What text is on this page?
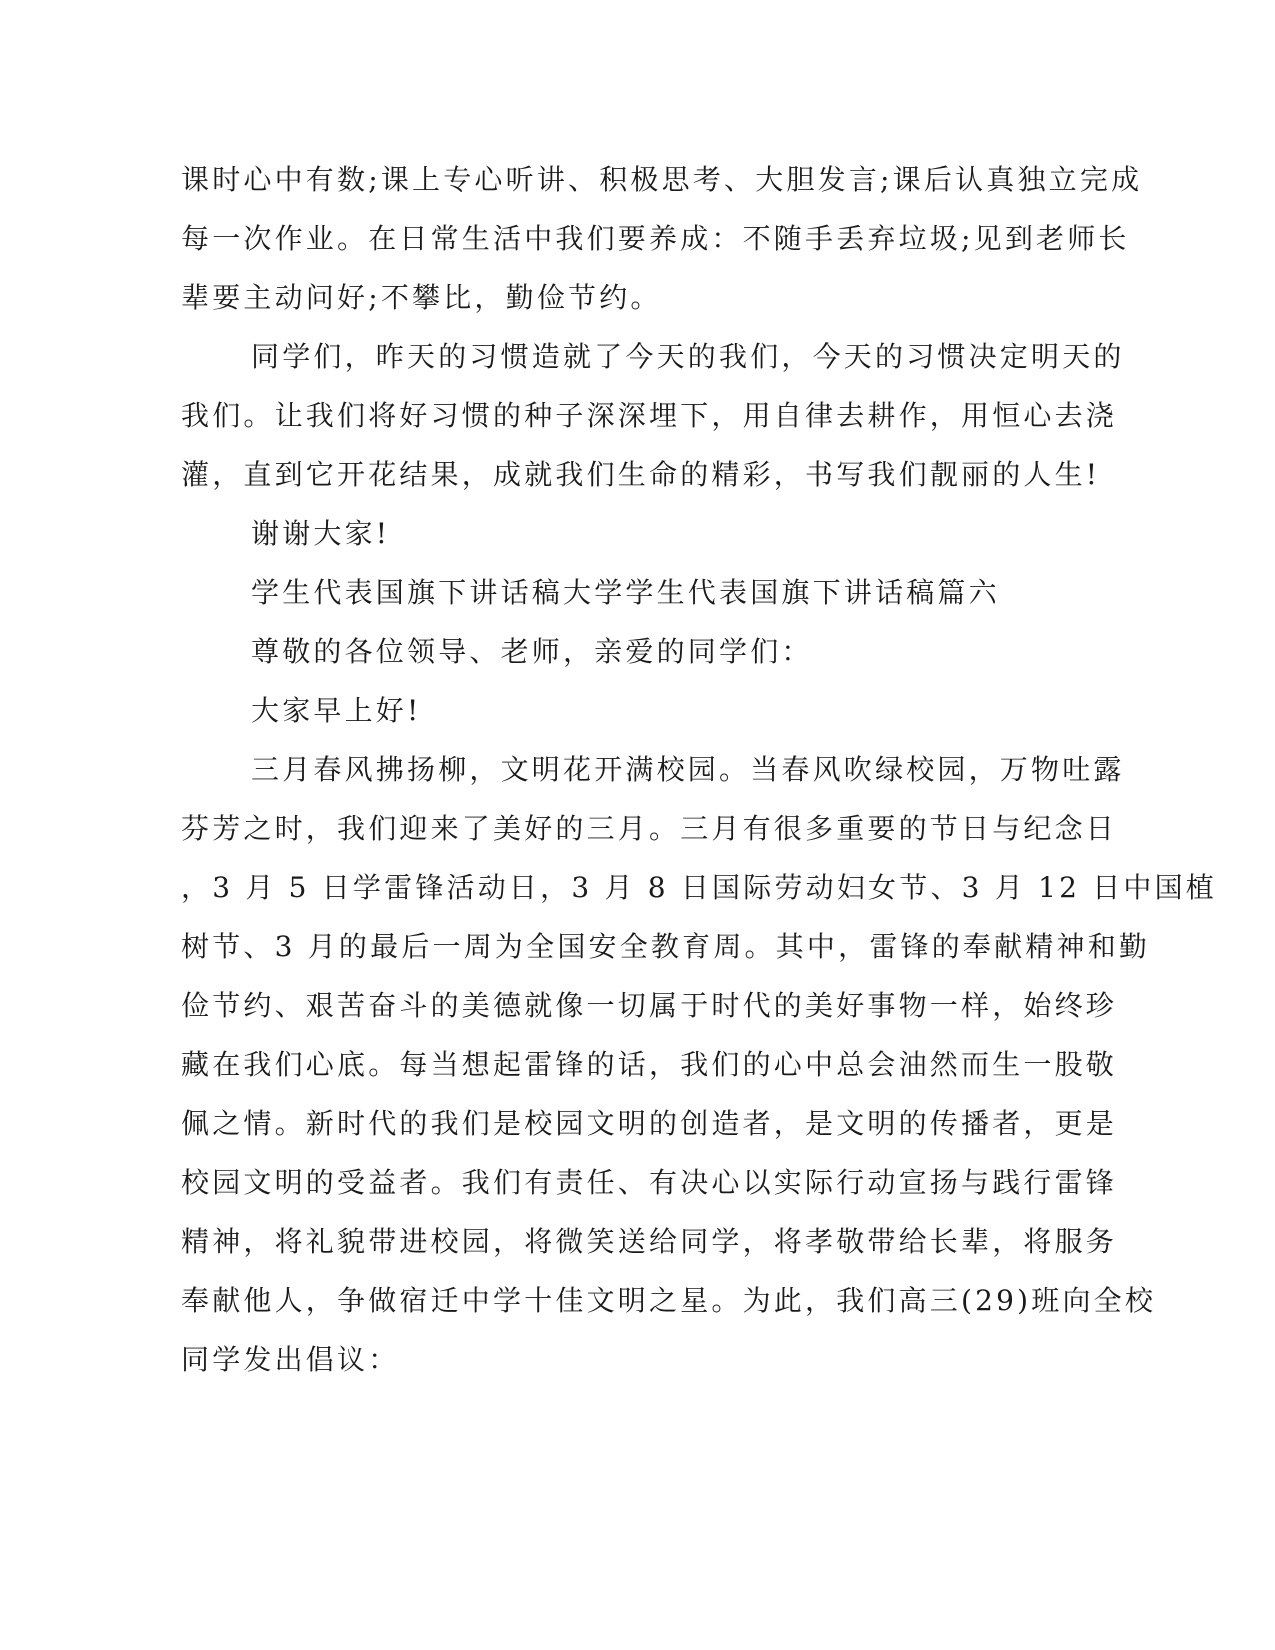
课时心中有数;课上专心听讲、积极思考、大胆发言;课后认真独立完成
每一次作业。在日常生活中我们要养成：不随手丢弃垃圾;见到老师长
辈要主动问好;不攀比，勤俭节约。
同学们，昨天的习惯造就了今天的我们，今天的习惯决定明天的
我们。让我们将好习惯的种子深深埋下，用自律去耕作，用恒心去浇
灌，直到它开花结果，成就我们生命的精彩，书写我们靓丽的人生!
谢谢大家!
学生代表国旗下讲话稿大学学生代表国旗下讲话稿篇六
尊敬的各位领导、老师，亲爱的同学们：
大家早上好!
三月春风拂扬柳，文明花开满校园。当春风吹绿校园，万物吐露
芬芳之时，我们迎来了美好的三月。三月有很多重要的节日与纪念日
，3 月 5 日学雷锋活动日，3 月 8 日国际劳动妇女节、3 月 12 日中国植
树节、3 月的最后一周为全国安全教育周。其中，雷锋的奉献精神和勤
俭节约、艰苦奋斗的美德就像一切属于时代的美好事物一样，始终珍
藏在我们心底。每当想起雷锋的话，我们的心中总会油然而生一股敬
佩之情。新时代的我们是校园文明的创造者，是文明的传播者，更是
校园文明的受益者。我们有责任、有决心以实际行动宣扬与践行雷锋
精神，将礼貌带进校园，将微笑送给同学，将孝敬带给长辈，将服务
奉献他人，争做宿迁中学十佳文明之星。为此，我们高三(29)班向全校
同学发出倡议：
